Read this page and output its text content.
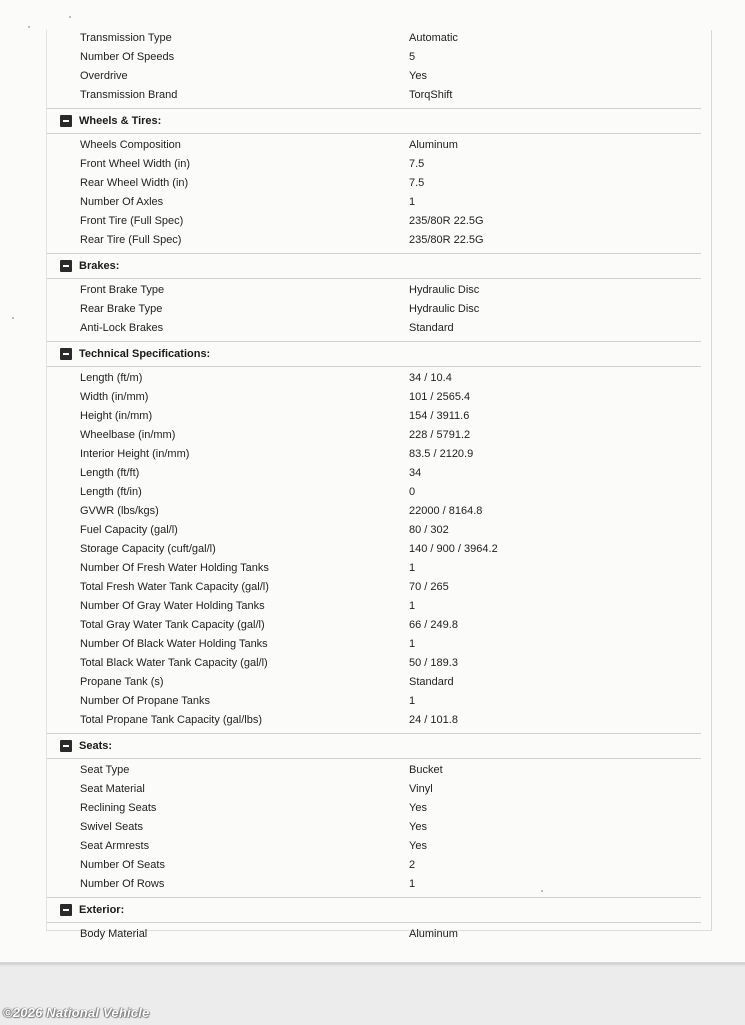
Transmission Type	Automatic
Number Of Speeds	5
Overdrive	Yes
Transmission Brand	TorqShift
Wheels & Tires:
Wheels Composition	Aluminum
Front Wheel Width (in)	7.5
Rear Wheel Width (in)	7.5
Number Of Axles	1
Front Tire (Full Spec)	235/80R 22.5G
Rear Tire (Full Spec)	235/80R 22.5G
Brakes:
Front Brake Type	Hydraulic Disc
Rear Brake Type	Hydraulic Disc
Anti-Lock Brakes	Standard
Technical Specifications:
Length (ft/m)	34 / 10.4
Width (in/mm)	101 / 2565.4
Height (in/mm)	154 / 3911.6
Wheelbase (in/mm)	228 / 5791.2
Interior Height (in/mm)	83.5 / 2120.9
Length (ft/ft)	34
Length (ft/in)	0
GVWR (lbs/kgs)	22000 / 8164.8
Fuel Capacity (gal/l)	80 / 302
Storage Capacity (cuft/gal/l)	140 / 900 / 3964.2
Number Of Fresh Water Holding Tanks	1
Total Fresh Water Tank Capacity (gal/l)	70 / 265
Number Of Gray Water Holding Tanks	1
Total Gray Water Tank Capacity (gal/l)	66 / 249.8
Number Of Black Water Holding Tanks	1
Total Black Water Tank Capacity (gal/l)	50 / 189.3
Propane Tank (s)	Standard
Number Of Propane Tanks	1
Total Propane Tank Capacity (gal/lbs)	24 / 101.8
Seats:
Seat Type	Bucket
Seat Material	Vinyl
Reclining Seats	Yes
Swivel Seats	Yes
Seat Armrests	Yes
Number Of Seats	2
Number Of Rows	1
Exterior:
Body Material	Aluminum
©2026 National Vehicle
